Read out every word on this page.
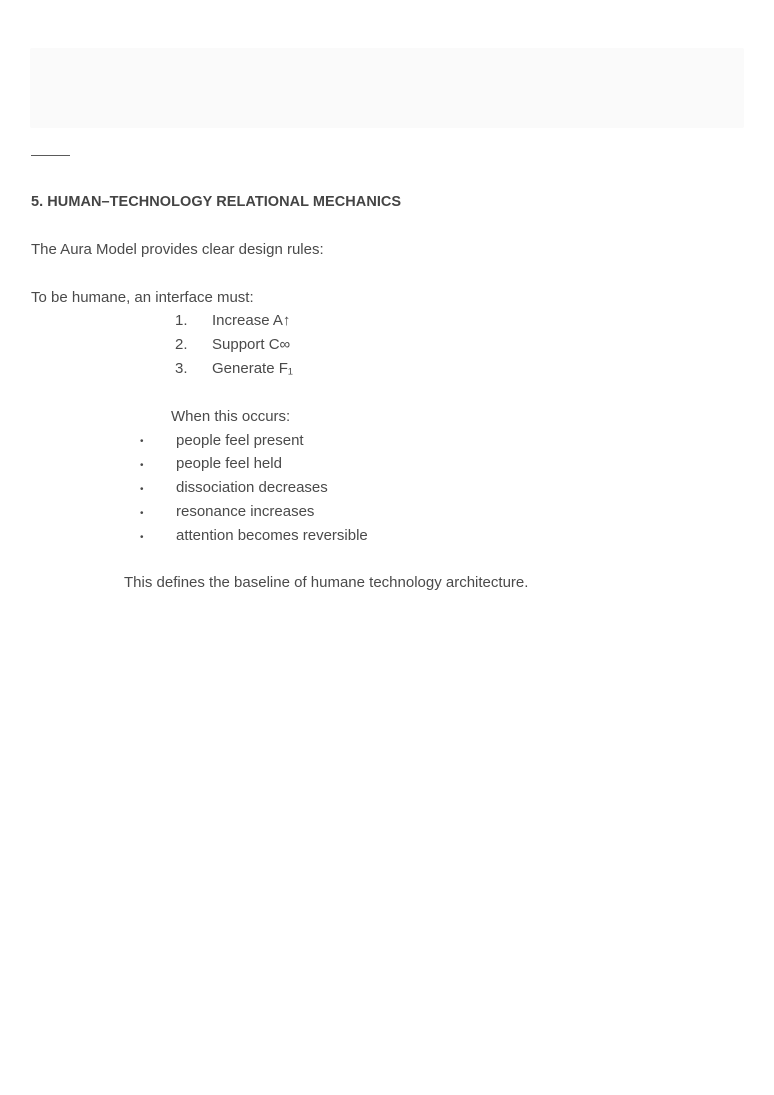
5. HUMAN–TECHNOLOGY RELATIONAL MECHANICS
The Aura Model provides clear design rules:
To be humane, an interface must:
1. Increase A↑
2. Support C∞
3. Generate F₁
When this occurs:
• people feel present
• people feel held
• dissociation decreases
• resonance increases
• attention becomes reversible
This defines the baseline of humane technology architecture.
